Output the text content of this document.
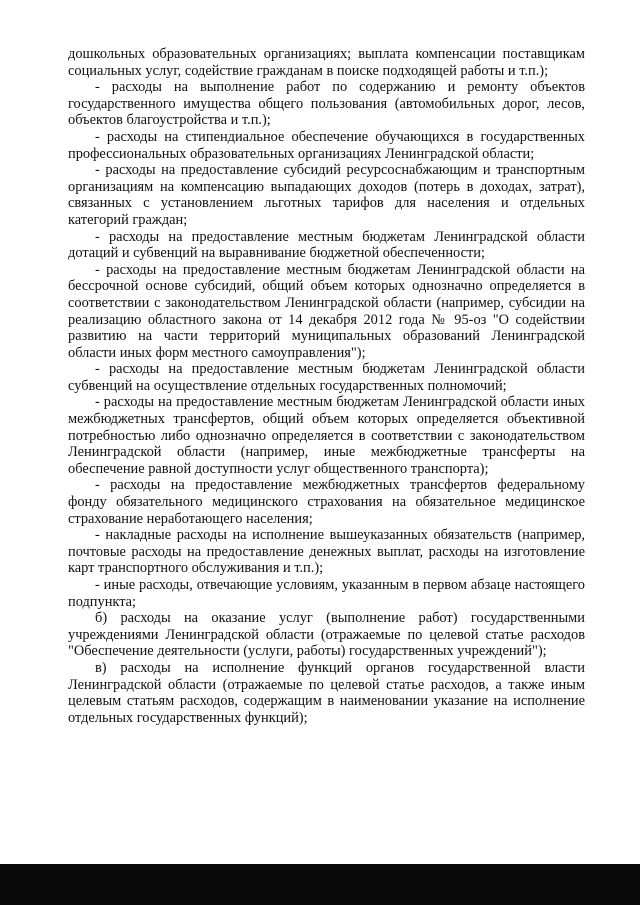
дошкольных образовательных организациях; выплата компенсации поставщикам социальных услуг, содействие гражданам в поиске подходящей работы и т.п.);

- расходы на выполнение работ по содержанию и ремонту объектов государственного имущества общего пользования (автомобильных дорог, лесов, объектов благоустройства и т.п.);

- расходы на стипендиальное обеспечение обучающихся в государственных профессиональных образовательных организациях Ленинградской области;

- расходы на предоставление субсидий ресурсоснабжающим и транспортным организациям на компенсацию выпадающих доходов (потерь в доходах, затрат), связанных с установлением льготных тарифов для населения и отдельных категорий граждан;

- расходы на предоставление местным бюджетам Ленинградской области дотаций и субвенций на выравнивание бюджетной обеспеченности;

- расходы на предоставление местным бюджетам Ленинградской области на бессрочной основе субсидий, общий объем которых однозначно определяется в соответствии с законодательством Ленинградской области (например, субсидии на реализацию областного закона от 14 декабря 2012 года № 95-оз "О содействии развитию на части территорий муниципальных образований Ленинградской области иных форм местного самоуправления");

- расходы на предоставление местным бюджетам Ленинградской области субвенций на осуществление отдельных государственных полномочий;

- расходы на предоставление местным бюджетам Ленинградской области иных межбюджетных трансфертов, общий объем которых определяется объективной потребностью либо однозначно определяется в соответствии с законодательством Ленинградской области (например, иные межбюджетные трансферты на обеспечение равной доступности услуг общественного транспорта);

- расходы на предоставление межбюджетных трансфертов федеральному фонду обязательного медицинского страхования на обязательное медицинское страхование неработающего населения;

- накладные расходы на исполнение вышеуказанных обязательств (например, почтовые расходы на предоставление денежных выплат, расходы на изготовление карт транспортного обслуживания и т.п.);

- иные расходы, отвечающие условиям, указанным в первом абзаце настоящего подпункта;

б) расходы на оказание услуг (выполнение работ) государственными учреждениями Ленинградской области (отражаемые по целевой статье расходов "Обеспечение деятельности (услуги, работы) государственных учреждений");

в) расходы на исполнение функций органов государственной власти Ленинградской области (отражаемые по целевой статье расходов, а также иным целевым статьям расходов, содержащим в наименовании указание на исполнение отдельных государственных функций);
